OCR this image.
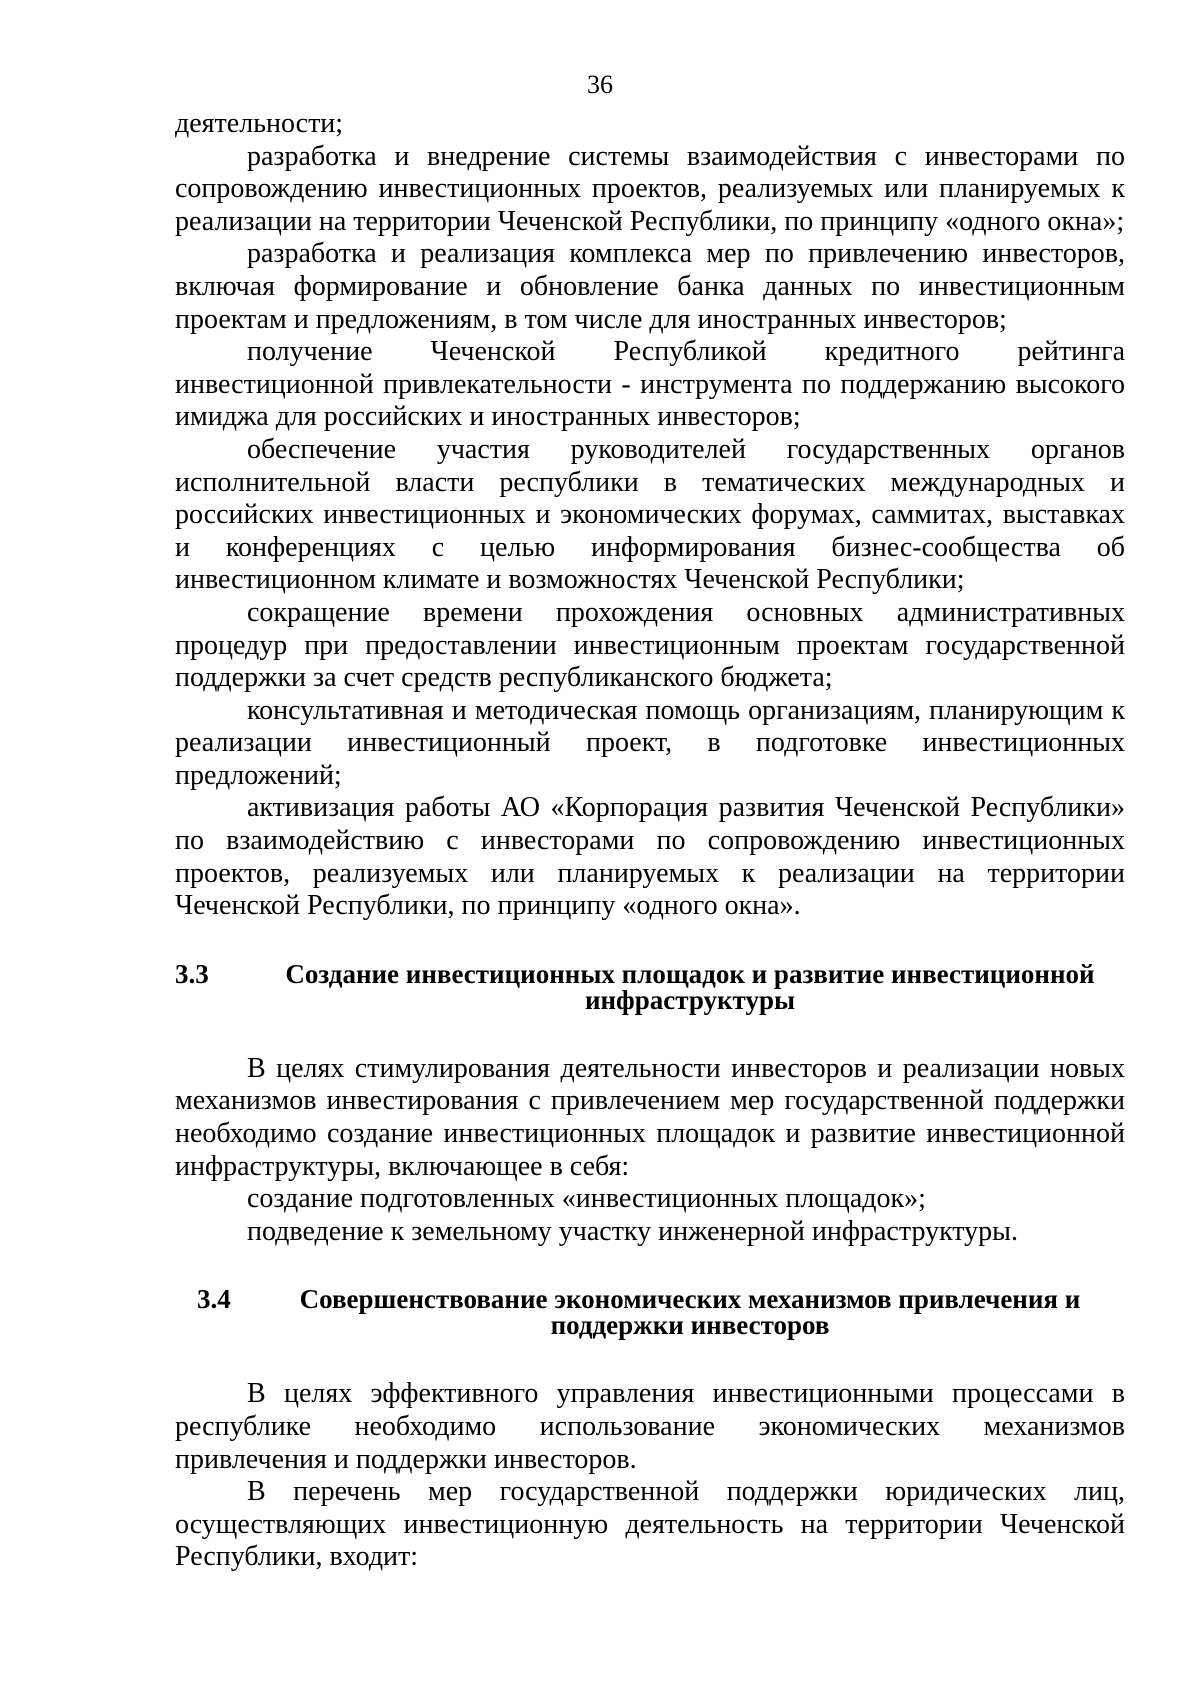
36

деятельности;

разработка и внедрение системы взаимодействия с инвесторами по сопровождению инвестиционных проектов, реализуемых или планируемых к реализации на территории Чеченской Республики, по принципу «одного окна»;

разработка и реализация комплекса мер по привлечению инвесторов, включая формирование и обновление банка данных по инвестиционным проектам и предложениям, в том числе для иностранных инвесторов;

получение Чеченской Республикой кредитного рейтинга инвестиционной привлекательности - инструмента по поддержанию высокого имиджа для российских и иностранных инвесторов;

обеспечение участия руководителей государственных органов исполнительной власти республики в тематических международных и российских инвестиционных и экономических форумах, саммитах, выставках и конференциях с целью информирования бизнес-сообщества об инвестиционном климате и возможностях Чеченской Республики;

сокращение времени прохождения основных административных процедур при предоставлении инвестиционным проектам государственной поддержки за счет средств республиканского бюджета;

консультативная и методическая помощь организациям, планирующим к реализации инвестиционный проект, в подготовке инвестиционных предложений;

активизация работы АО «Корпорация развития Чеченской Республики» по взаимодействию с инвесторами по сопровождению инвестиционных проектов, реализуемых или планируемых к реализации на территории Чеченской Республики, по принципу «одного окна».

3.3	Создание инвестиционных площадок и развитие инвестиционной инфраструктуры

В целях стимулирования деятельности инвесторов и реализации новых механизмов инвестирования с привлечением мер государственной поддержки необходимо создание инвестиционных площадок и развитие инвестиционной инфраструктуры, включающее в себя:

создание подготовленных «инвестиционных площадок»;

подведение к земельному участку инженерной инфраструктуры.

3.4	Совершенствование экономических механизмов привлечения и поддержки инвесторов

В целях эффективного управления инвестиционными процессами в республике необходимо использование экономических механизмов привлечения и поддержки инвесторов.

В перечень мер государственной поддержки юридических лиц, осуществляющих инвестиционную деятельность на территории Чеченской Республики, входит:
